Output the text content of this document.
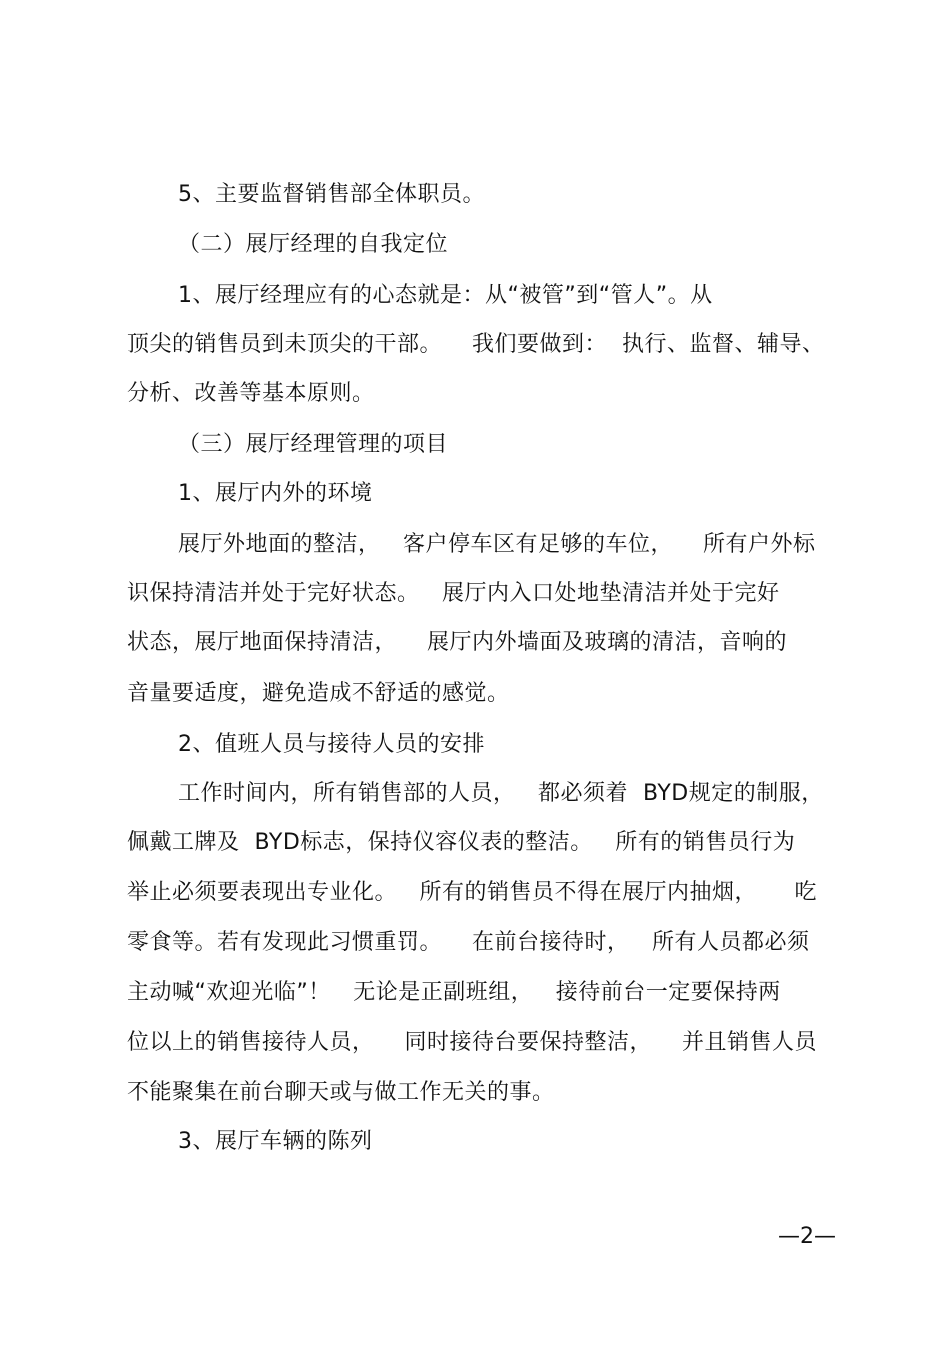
5、主要监督销售部全体职员。

（二）展厅经理的自我定位

1、展厅经理应有的心态就是：从“被管”到“管人”。从

顶尖的销售员到未顶尖的干部。    我们要做到：  执行、监督、辅导、

分析、改善等基本原则。

（三）展厅经理管理的项目

1、展厅内外的环境

展厅外地面的整洁，   客户停车区有足够的车位，    所有户外标

识保持清洁并处于完好状态。   展厅内入口处地垫清洁并处于完好

状态，展厅地面保持清洁，    展厅内外墙面及玻璃的清洁，音响的

音量要适度，避免造成不舒适的感觉。

2、值班人员与接待人员的安排

工作时间内，所有销售部的人员，   都必须着  BYD规定的制服，

佩戴工牌及  BYD标志，保持仪容仪表的整洁。   所有的销售员行为

举止必须要表现出专业化。   所有的销售员不得在展厅内抽烟，     吃

零食等。若有发现此习惯重罚。    在前台接待时，   所有人员都必须

主动喊“欢迎光临”！   无论是正副班组，   接待前台一定要保持两

位以上的销售接待人员，    同时接待台要保持整洁，    并且销售人员

不能聚集在前台聊天或与做工作无关的事。

3、展厅车辆的陈列

—2—
